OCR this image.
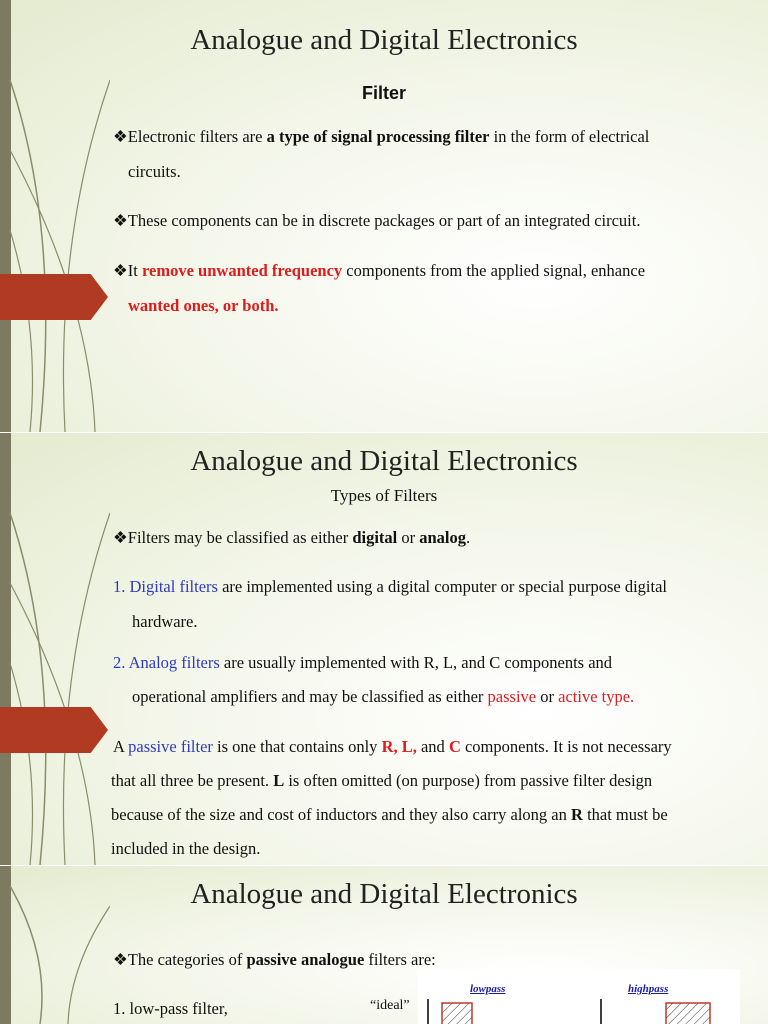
Analogue and Digital Electronics
Filter
❖Electronic filters are a type of signal processing filter in the form of electrical
circuits.
❖These components can be in discrete packages or part of an integrated circuit.
❖It remove unwanted frequency components from the applied signal, enhance
wanted ones, or both.
Analogue and Digital Electronics
Types of Filters
❖Filters may be classified as either digital or analog.
1. Digital filters are implemented using a digital computer or special purpose digital
hardware.
2. Analog filters are usually implemented with R, L, and C components and
operational amplifiers and may be classified as either passive or active type.
A passive filter is one that contains only R, L, and C components. It is not necessary
that all three be present. L is often omitted (on purpose) from passive filter design
because of the size and cost of inductors and they also carry along an R that must be
included in the design.
Analogue and Digital Electronics
❖The categories of passive analogue filters are:
1. low-pass filter,	“ideal”
lowpass	highpass
